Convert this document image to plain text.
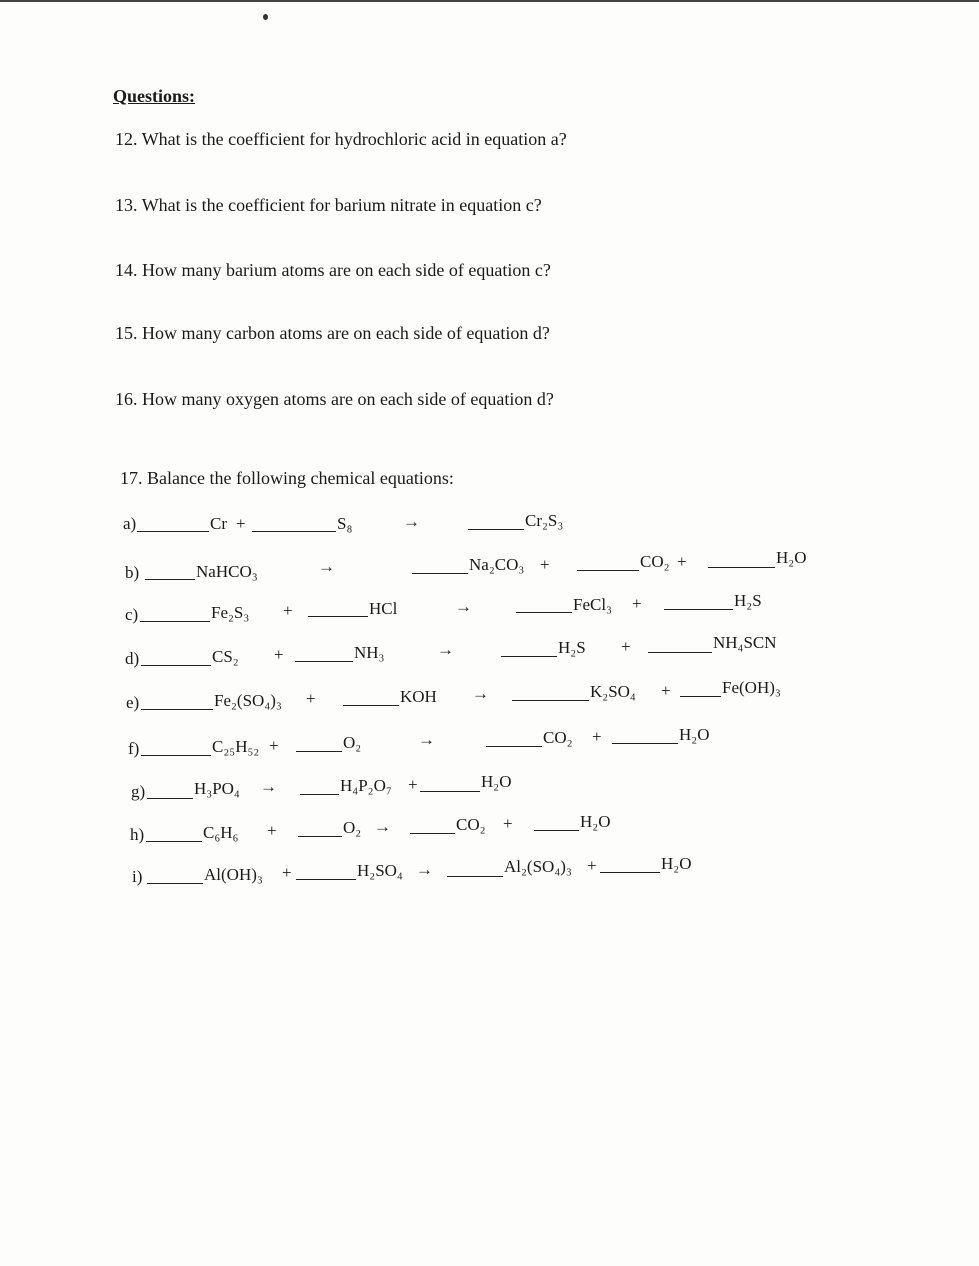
Questions:
12. What is the coefficient for hydrochloric acid in equation a?
13. What is the coefficient for barium nitrate in equation c?
14. How many barium atoms are on each side of equation c?
15. How many carbon atoms are on each side of equation d?
16. How many oxygen atoms are on each side of equation d?
17. Balance the following chemical equations:
a)	Cr +	S₈	→	Cr₂S₃
b)	NaHCO₃	→	Na₂CO₃ +	CO₂ +	H₂O
c)	Fe₂S₃ +	HCl	→	FeCl₃ +	H₂S
d)	CS₂ +	NH₃	→	H₂S +	NH₄SCN
e)	Fe₂(SO₄)₃ +	KOH →	K₂SO₄ +	Fe(OH)₃
f)	C₂₅H₅₂ +	O₂	→	CO₂ +	H₂O
g)	H₃PO₄ →	H₄P₂O₇ +	H₂O
h)	C₆H₆ +	O₂ →	CO₂ +	H₂O
i)	Al(OH)₃ +	H₂SO₄ →	Al₂(SO₄)₃ +	H₂O
